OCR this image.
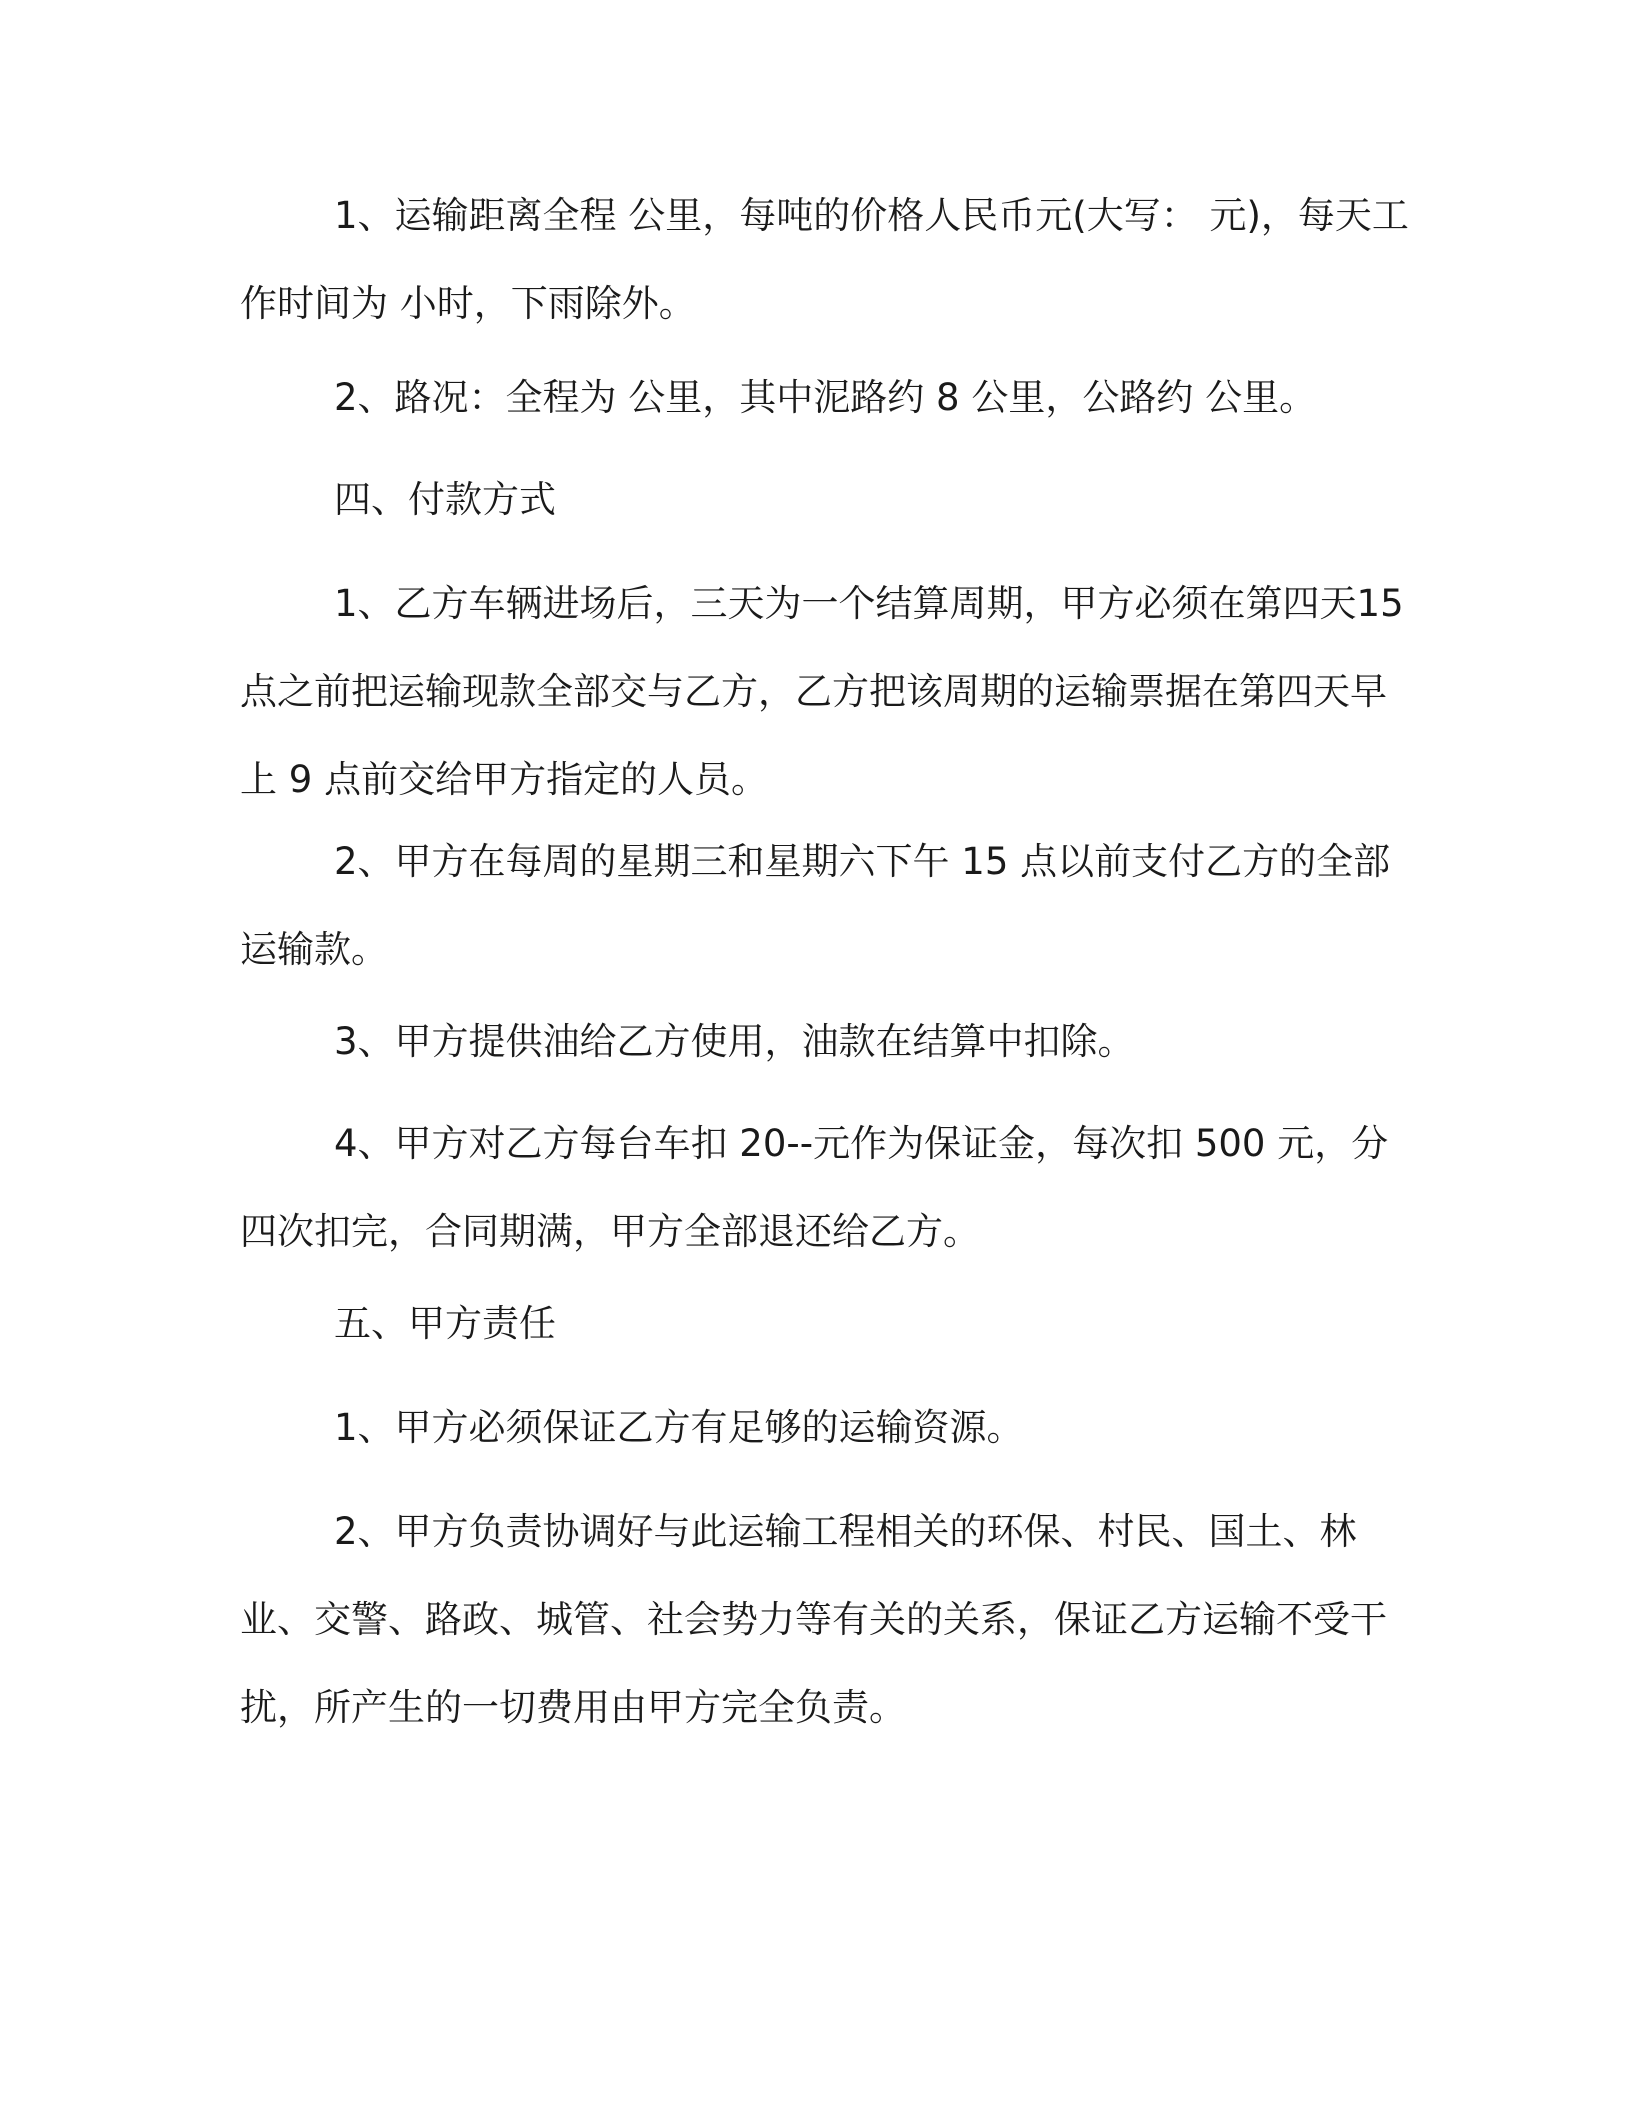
1、运输距离全程 公里，每吨的价格人民币元(大写： 元)，每天工作时间为 小时，下雨除外。

2、路况：全程为 公里，其中泥路约 8 公里，公路约 公里。

四、付款方式

1、乙方车辆进场后，三天为一个结算周期，甲方必须在第四天15 点之前把运输现款全部交与乙方，乙方把该周期的运输票据在第四天早上 9 点前交给甲方指定的人员。

2、甲方在每周的星期三和星期六下午 15 点以前支付乙方的全部运输款。

3、甲方提供油给乙方使用，油款在结算中扣除。

4、甲方对乙方每台车扣 20--元作为保证金，每次扣 500 元，分四次扣完，合同期满，甲方全部退还给乙方。

五、甲方责任

1、甲方必须保证乙方有足够的运输资源。

2、甲方负责协调好与此运输工程相关的环保、村民、国土、林业、交警、路政、城管、社会势力等有关的关系，保证乙方运输不受干扰，所产生的一切费用由甲方完全负责。
